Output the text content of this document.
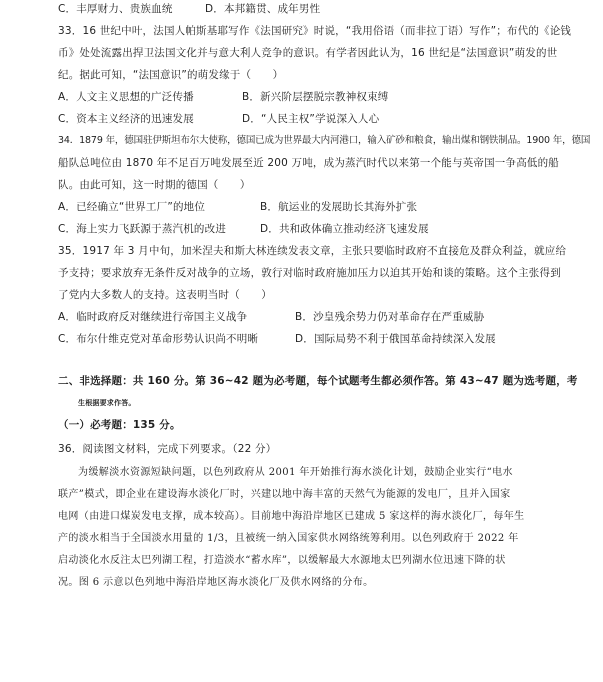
C．丰厚财力、贵族血统	D．本邦籍贯、成年男性
33．16 世纪中叶，法国人帕斯基耶写作《法国研究》时说，“我用俗语（而非拉丁语）写作”；布代的《论钱
币》处处流露出捍卫法国文化并与意大利人竞争的意识。有学者因此认为，16 世纪是“法国意识”萌发的世
纪。据此可知，“法国意识”的萌发缘于（　　）
A．人文主义思想的广泛传播	B．新兴阶层摆脱宗教神权束缚
C．资本主义经济的迅速发展	D．“人民主权”学说深入人心
34．1879 年，德国驻伊斯坦布尔大使称，德国已成为世界最大内河港口，输入矿砂和粮食，输出煤和钢铁制品。1900 年，德国
船队总吨位由 1870 年不足百万吨发展至近 200 万吨，成为蒸汽时代以来第一个能与英帝国一争高低的船
队。由此可知，这一时期的德国（　　）
A．已经确立“世界工厂”的地位	B．航运业的发展助长其海外扩张
C．海上实力飞跃源于蒸汽机的改进	D．共和政体确立推动经济飞速发展
35．1917 年 3 月中旬，加米涅夫和斯大林连续发表文章，主张只要临时政府不直接危及群众利益，就应给
予支持；要求放弃无条件反对战争的立场，敦行对临时政府施加压力以迫其开始和谈的策略。这个主张得到
了党内大多数人的支持。这表明当时（　　）
A．临时政府反对继续进行帝国主义战争	B．沙皇残余势力仍对革命存在严重威胁
C．布尔什维克党对革命形势认识尚不明晰	D．国际局势不利于俄国革命持续深入发展
二、非选择题：共 160 分。第 36~42 题为必考题，每个试题考生都必须作答。第 43~47 题为选考题，考
生根据要求作答。
（一）必考题：135 分。
36．阅读图文材料，完成下列要求。（22 分）
为缓解淡水资源短缺问题，以色列政府从 2001 年开始推行海水淡化计划，鼓励企业实行“电水
联产”模式，即企业在建设海水淡化厂时，兴建以地中海丰富的天然气为能源的发电厂，且并入国家
电网（由进口煤炭发电支撑，成本较高）。目前地中海沿岸地区已建成 5 家这样的海水淡化厂，每年生
产的淡水相当于全国淡水用量的 1/3，且被统一纳入国家供水网络统筹利用。以色列政府于 2022 年
启动淡化水反注太巴列湖工程，打造淡水“蓄水库”，以缓解最大水源地太巴列湖水位迅速下降的状
况。图 6 示意以色列地中海沿岸地区海水淡化厂及供水网络的分布。
